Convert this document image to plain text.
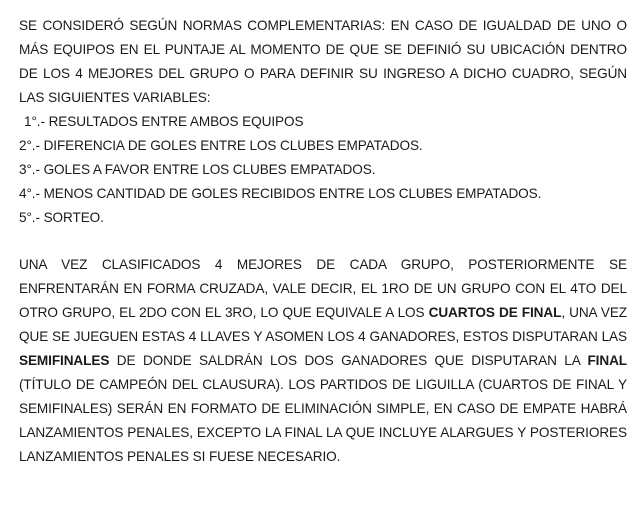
SE CONSIDERÓ SEGÚN NORMAS COMPLEMENTARIAS: EN CASO DE IGUALDAD DE UNO O MÁS EQUIPOS EN EL PUNTAJE AL MOMENTO DE QUE SE DEFINIÓ SU UBICACIÓN DENTRO DE LOS 4 MEJORES DEL GRUPO O PARA DEFINIR SU INGRESO A DICHO CUADRO, SEGÚN LAS SIGUIENTES VARIABLES:

1°.- RESULTADOS ENTRE AMBOS EQUIPOS
2°.- DIFERENCIA DE GOLES ENTRE LOS CLUBES EMPATADOS.
3°.- GOLES A FAVOR ENTRE LOS CLUBES EMPATADOS.
4°.- MENOS CANTIDAD DE GOLES RECIBIDOS ENTRE LOS CLUBES EMPATADOS.
5°.- SORTEO.

UNA VEZ CLASIFICADOS 4 MEJORES DE CADA GRUPO, POSTERIORMENTE SE ENFRENTARÁN EN FORMA CRUZADA, VALE DECIR, EL 1RO DE UN GRUPO CON EL 4TO DEL OTRO GRUPO, EL 2DO CON EL 3RO, LO QUE EQUIVALE A LOS CUARTOS DE FINAL, UNA VEZ QUE SE JUEGUEN ESTAS 4 LLAVES Y ASOMEN LOS 4 GANADORES, ESTOS DISPUTARAN LAS SEMIFINALES DE DONDE SALDRÁN LOS DOS GANADORES QUE DISPUTARAN LA FINAL (TÍTULO DE CAMPEÓN DEL CLAUSURA). LOS PARTIDOS DE LIGUILLA (CUARTOS DE FINAL Y SEMIFINALES) SERÁN EN FORMATO DE ELIMINACIÓN SIMPLE, EN CASO DE EMPATE HABRÁ LANZAMIENTOS PENALES, EXCEPTO LA FINAL LA QUE INCLUYE ALARGUES Y POSTERIORES LANZAMIENTOS PENALES SI FUESE NECESARIO.
